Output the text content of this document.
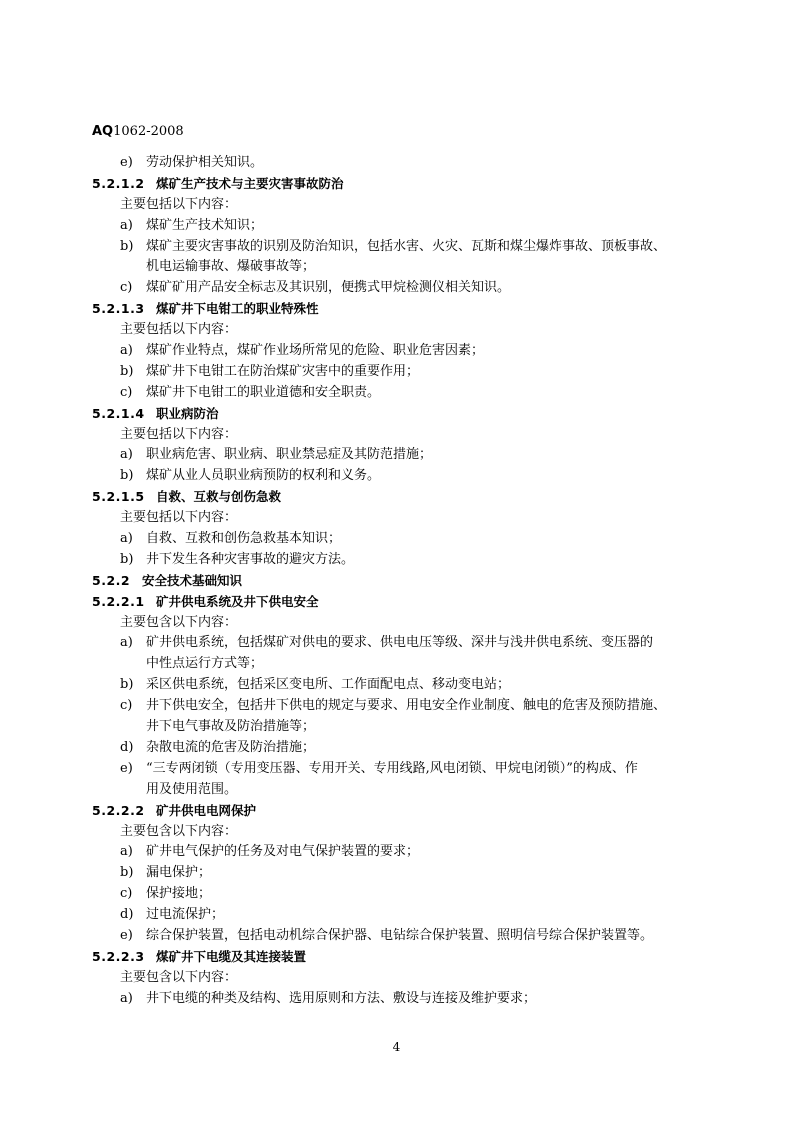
AQ1062-2008
e) 劳动保护相关知识。
5.2.1.2 煤矿生产技术与主要灾害事故防治
主要包括以下内容：
a) 煤矿生产技术知识；
b) 煤矿主要灾害事故的识别及防治知识，包括水害、火灾、瓦斯和煤尘爆炸事故、顶板事故、
机电运输事故、爆破事故等；
c) 煤矿矿用产品安全标志及其识别，便携式甲烷检测仪相关知识。
5.2.1.3 煤矿井下电钳工的职业特殊性
主要包括以下内容：
a) 煤矿作业特点，煤矿作业场所常见的危险、职业危害因素；
b) 煤矿井下电钳工在防治煤矿灾害中的重要作用；
c) 煤矿井下电钳工的职业道德和安全职责。
5.2.1.4 职业病防治
主要包括以下内容：
a) 职业病危害、职业病、职业禁忌症及其防范措施；
b) 煤矿从业人员职业病预防的权利和义务。
5.2.1.5 自救、互救与创伤急救
主要包括以下内容：
a) 自救、互救和创伤急救基本知识；
b) 井下发生各种灾害事故的避灾方法。
5.2.2 安全技术基础知识
5.2.2.1 矿井供电系统及井下供电安全
主要包含以下内容：
a) 矿井供电系统，包括煤矿对供电的要求、供电电压等级、深井与浅井供电系统、变压器的
中性点运行方式等；
b) 采区供电系统，包括采区变电所、工作面配电点、移动变电站；
c) 井下供电安全，包括井下供电的规定与要求、用电安全作业制度、触电的危害及预防措施、
井下电气事故及防治措施等；
d) 杂散电流的危害及防治措施；
e) “三专两闭锁（专用变压器、专用开关、专用线路,风电闭锁、甲烷电闭锁）”的构成、作
用及使用范围。
5.2.2.2 矿井供电电网保护
主要包含以下内容：
a) 矿井电气保护的任务及对电气保护装置的要求；
b) 漏电保护；
c) 保护接地；
d) 过电流保护；
e) 综合保护装置，包括电动机综合保护器、电钻综合保护装置、照明信号综合保护装置等。
5.2.2.3 煤矿井下电缆及其连接装置
主要包含以下内容：
a) 井下电缆的种类及结构、选用原则和方法、敷设与连接及维护要求；
4
